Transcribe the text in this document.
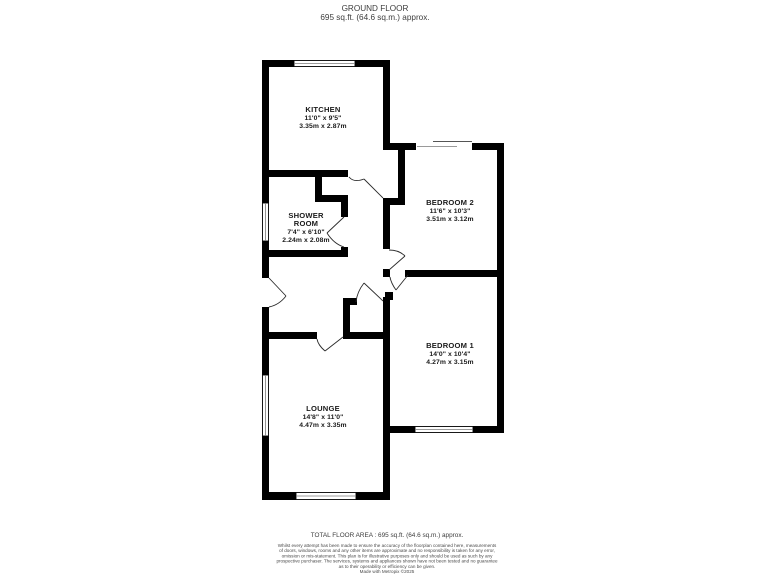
GROUND FLOOR
695 sq.ft. (64.6 sq.m.) approx.
KITCHEN
11'0" x 9'5"
3.35m x 2.87m
SHOWER
ROOM
7'4" x 6'10"
2.24m x 2.08m
BEDROOM 2
11'6" x 10'3"
3.51m x 3.12m
BEDROOM 1
14'0" x 10'4"
4.27m x 3.15m
LOUNGE
14'8" x 11'0"
4.47m x 3.35m
TOTAL FLOOR AREA : 695 sq.ft. (64.6 sq.m.) approx.
Whilst every attempt has been made to ensure the accuracy of the floorplan contained here, measurements
of doors, windows, rooms and any other items are approximate and no responsibility is taken for any error,
omission or mis-statement. This plan is for illustrative purposes only and should be used as such by any
prospective purchaser. The services, systems and appliances shown have not been tested and no guarantee
as to their operability or efficiency can be given.
Made with Metropix ©2025
